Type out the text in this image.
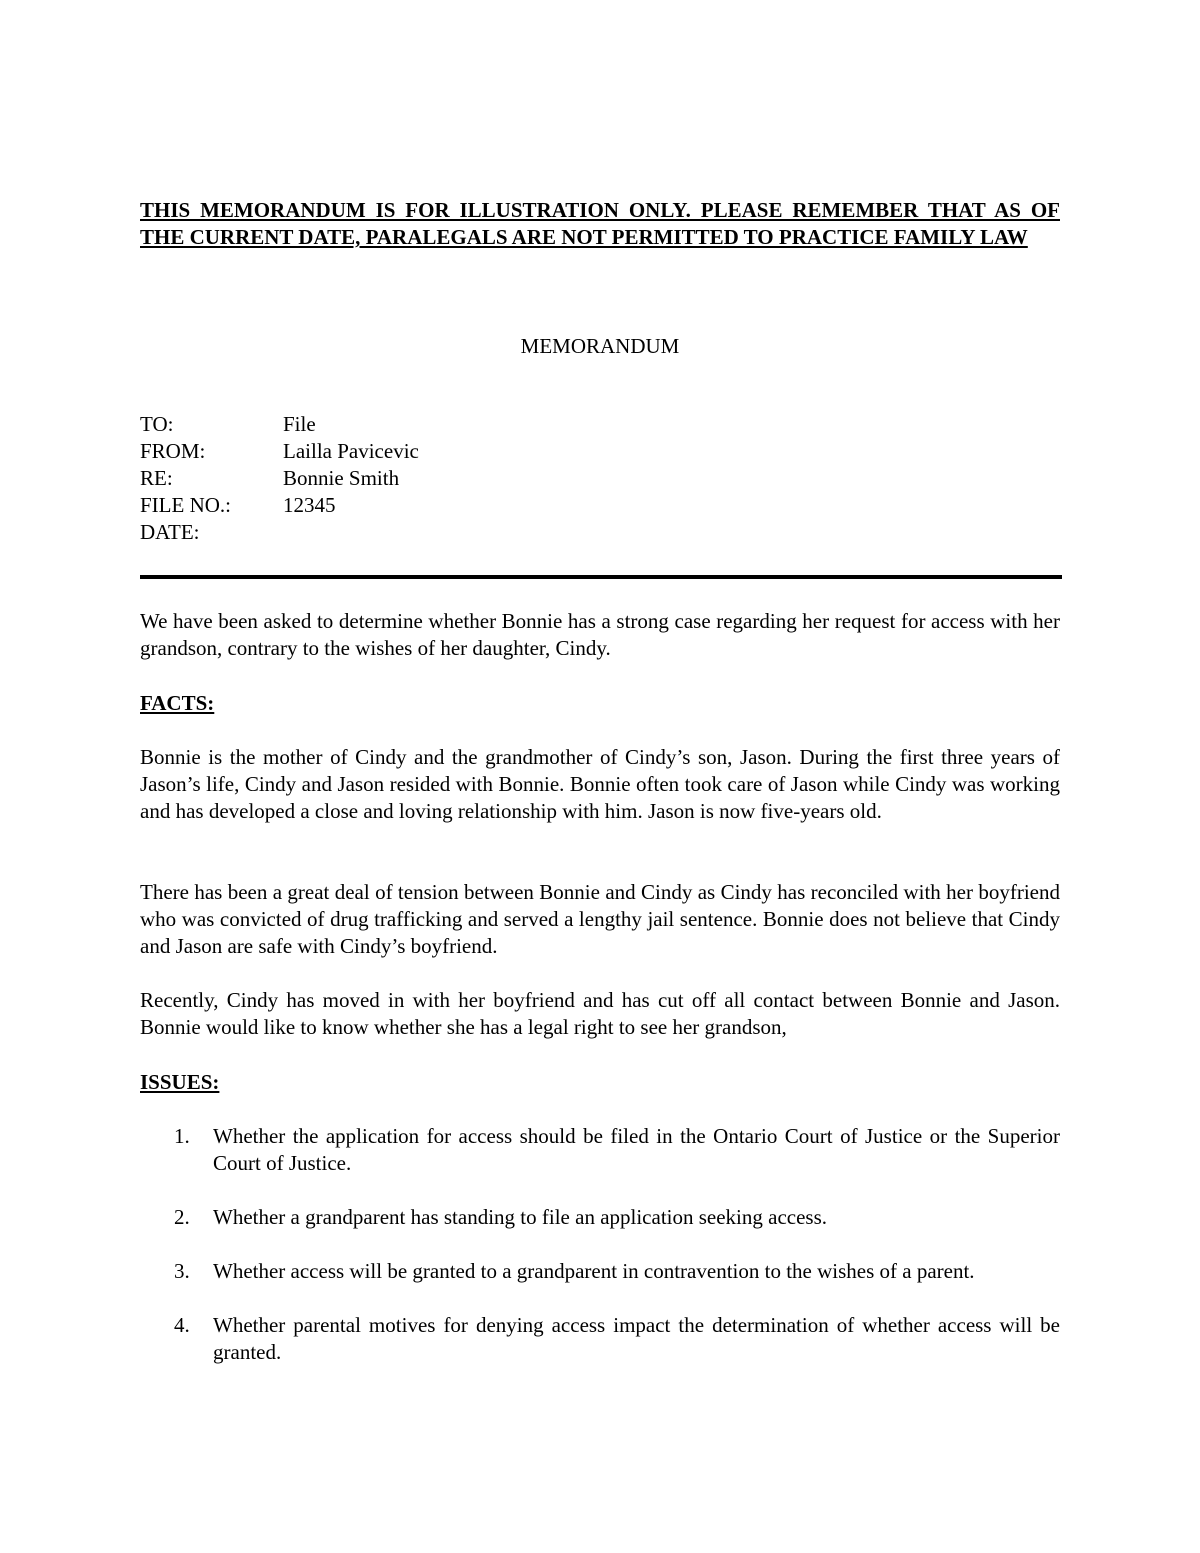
THIS MEMORANDUM IS FOR ILLUSTRATION ONLY. PLEASE REMEMBER THAT AS OF THE CURRENT DATE, PARALEGALS ARE NOT PERMITTED TO PRACTICE FAMILY LAW
MEMORANDUM
TO:	File
FROM:	Lailla Pavicevic
RE:	Bonnie Smith
FILE NO.: 12345
DATE:

We have been asked to determine whether Bonnie has a strong case regarding her request for access with her grandson, contrary to the wishes of her daughter, Cindy.

FACTS:

Bonnie is the mother of Cindy and the grandmother of Cindy’s son, Jason. During the first three years of Jason’s life, Cindy and Jason resided with Bonnie. Bonnie often took care of Jason while Cindy was working and has developed a close and loving relationship with him. Jason is now five-years old.

There has been a great deal of tension between Bonnie and Cindy as Cindy has reconciled with her boyfriend who was convicted of drug trafficking and served a lengthy jail sentence. Bonnie does not believe that Cindy and Jason are safe with Cindy’s boyfriend.

Recently, Cindy has moved in with her boyfriend and has cut off all contact between Bonnie and Jason. Bonnie would like to know whether she has a legal right to see her grandson,

ISSUES:

1. Whether the application for access should be filed in the Ontario Court of Justice or the Superior Court of Justice.
2. Whether a grandparent has standing to file an application seeking access.
3. Whether access will be granted to a grandparent in contravention to the wishes of a parent.
4. Whether parental motives for denying access impact the determination of whether access will be granted.
